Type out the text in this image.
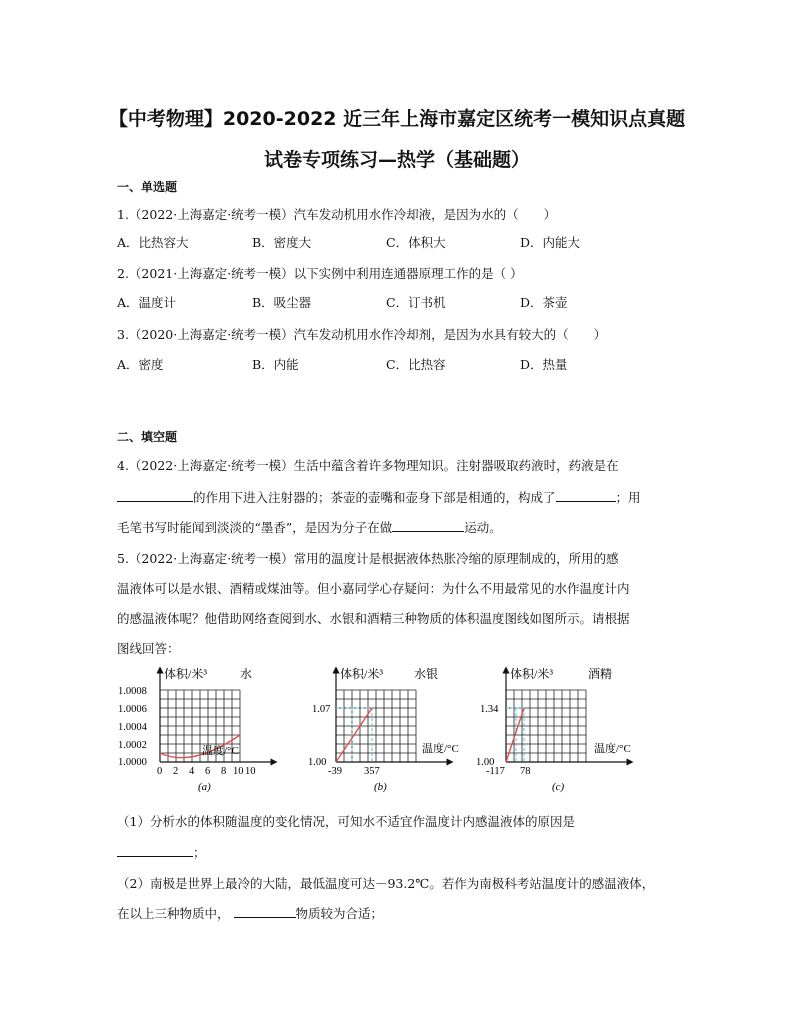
【中考物理】2020-2022 近三年上海市嘉定区统考一模知识点真题
试卷专项练习—热学（基础题）
一、单选题
1.（2022·上海嘉定·统考一模）汽车发动机用水作冷却液，是因为水的（　　）
A．比热容大	B．密度大	C．体积大	D．内能大
2.（2021·上海嘉定·统考一模）以下实例中利用连通器原理工作的是（ ）
A．温度计	B．吸尘器	C．订书机	D．茶壶
3.（2020·上海嘉定·统考一模）汽车发动机用水作冷却剂，是因为水具有较大的（　　）
A．密度	B．内能	C．比热容	D．热量
二、填空题
4.（2022·上海嘉定·统考一模）生活中蕴含着许多物理知识。注射器吸取药液时，药液是在
的作用下进入注射器的；茶壶的壶嘴和壶身下部是相通的，构成了	；用
毛笔书写时能闻到淡淡的“墨香”，是因为分子在做	运动。
5.（2022·上海嘉定·统考一模）常用的温度计是根据液体热胀冷缩的原理制成的，所用的感
温液体可以是水银、酒精或煤油等。但小嘉同学心存疑问：为什么不用最常见的水作温度计内
的感温液体呢？他借助网络查阅到水、水银和酒精三种物质的体积温度图线如图所示。请根据
图线回答：
体积/米³	水
温度/°C
1.0008
1.0006
1.0004
1.0002
1.0000
0 2 4 6 8 10 10
(a)
体积/米³	水银
温度/°C
1.07
1.00
-39 357
(b)
体积/米³	酒精
温度/°C
1.34
1.00
-117 78
(c)
（1）分析水的体积随温度的变化情况，可知水不适宜作温度计内感温液体的原因是
；
（2）南极是世界上最冷的大陆，最低温度可达－93.2℃。若作为南极科考站温度计的感温液体，
在以上三种物质中，	物质较为合适；
